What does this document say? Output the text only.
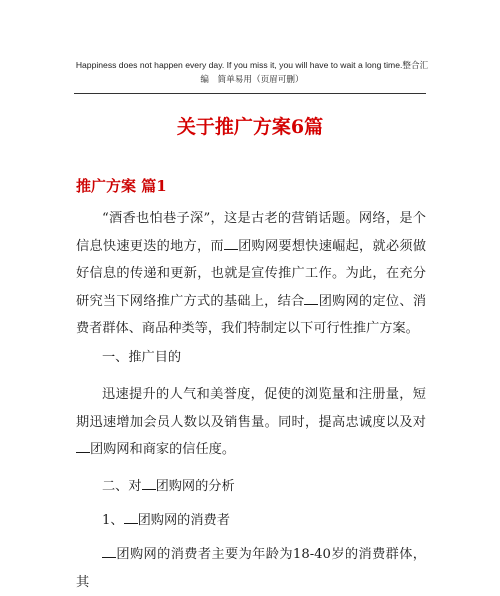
Happiness does not happen every day. If you miss it, you will have to wait a long time.整合汇编　简单易用（页眉可删）
关于推广方案6篇
推广方案 篇1
“酒香也怕巷子深”，这是古老的营销话题。网络，是个信息快速更迭的地方，而 团购网要想快速崛起，就必须做好信息的传递和更新，也就是宣传推广工作。为此，在充分研究当下网络推广方式的基础上，结合 团购网的定位、消费者群体、商品种类等，我们特制定以下可行性推广方案。
一、推广目的
迅速提升的人气和美誉度，促使的浏览量和注册量，短期迅速增加会员人数以及销售量。同时，提高忠诚度以及对团购网和商家的信任度。
二、对 团购网的分析
1、 团购网的消费者
团购网的消费者主要为年龄为18-40岁的消费群体，其
